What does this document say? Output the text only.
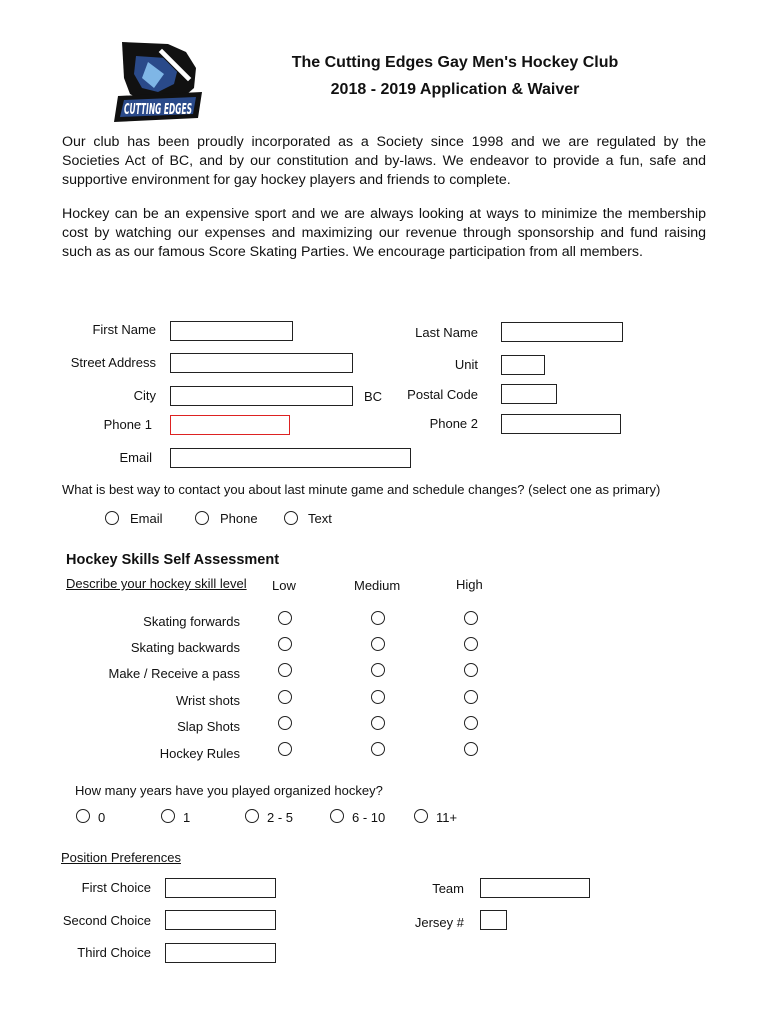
CUTTING EDGES
The Cutting Edges Gay Men's Hockey Club
2018 - 2019 Application & Waiver

Our club has been proudly incorporated as a Society since 1998 and we are regulated by the Societies Act of BC, and by our constitution and by-laws. We endeavor to provide a fun, safe and supportive environment for gay hockey players and friends to complete.

Hockey can be an expensive sport and we are always looking at ways to minimize the membership cost by watching our expenses and maximizing our revenue through sponsorship and fund raising such as as our famous Score Skating Parties. We encourage participation from all members.

First Name	Last Name
Street Address	Unit
City	BC	Postal Code
Phone 1	Phone 2
Email
What is best way to contact you about last minute game and schedule changes? (select one as primary)
Email	Phone	Text
Hockey Skills Self Assessment
Describe your hockey skill level Low	Medium	High
Skating forwards
Skating backwards
Make / Receive a pass
Wrist shots
Slap Shots
Hockey Rules
How many years have you played organized hockey?
0	1	2 - 5	6 - 10	11+
Position Preferences
First Choice	Team
Second Choice	Jersey #
Third Choice
